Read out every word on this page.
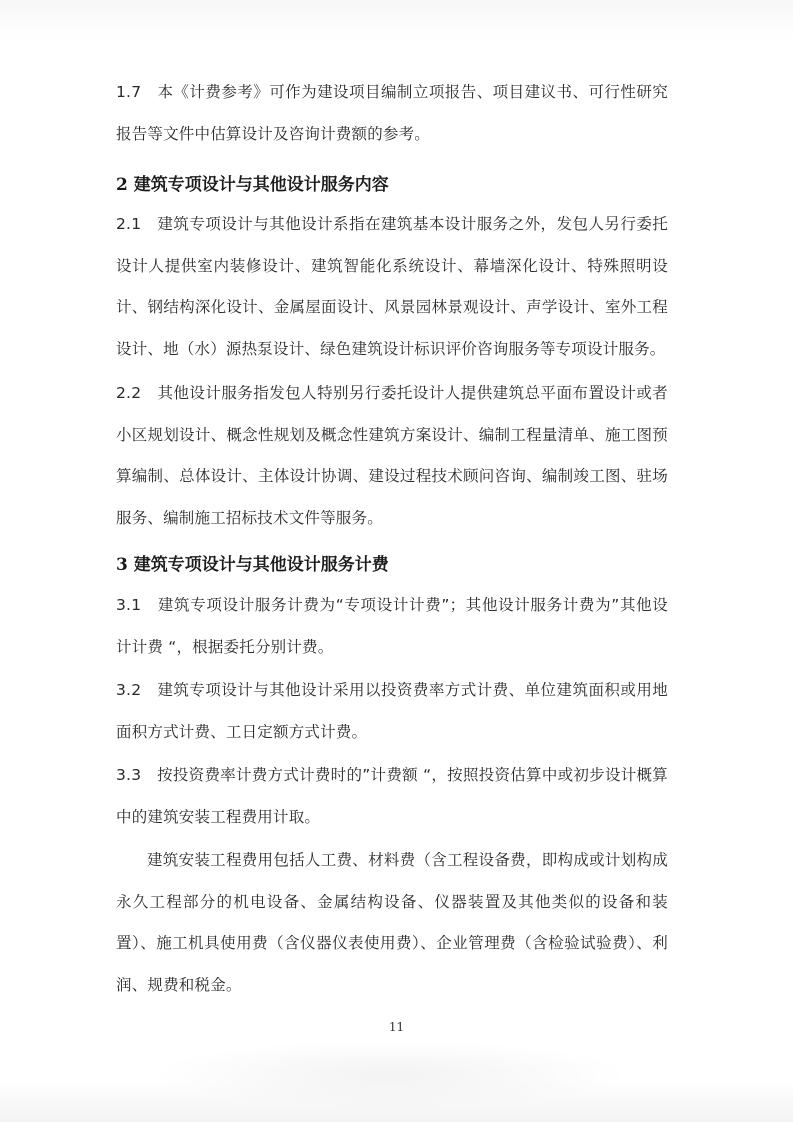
1.7　本《计费参考》可作为建设项目编制立项报告、项目建议书、可行性研究报告等文件中估算设计及咨询计费额的参考。

2 建筑专项设计与其他设计服务内容

2.1　建筑专项设计与其他设计系指在建筑基本设计服务之外，发包人另行委托设计人提供室内装修设计、建筑智能化系统设计、幕墙深化设计、特殊照明设计、钢结构深化设计、金属屋面设计、风景园林景观设计、声学设计、室外工程设计、地（水）源热泵设计、绿色建筑设计标识评价咨询服务等专项设计服务。

2.2　其他设计服务指发包人特别另行委托设计人提供建筑总平面布置设计或者小区规划设计、概念性规划及概念性建筑方案设计、编制工程量清单、施工图预算编制、总体设计、主体设计协调、建设过程技术顾问咨询、编制竣工图、驻场服务、编制施工招标技术文件等服务。

3 建筑专项设计与其他设计服务计费

3.1　建筑专项设计服务计费为“专项设计计费”；其他设计服务计费为”其他设计计费 “，根据委托分别计费。

3.2　建筑专项设计与其他设计采用以投资费率方式计费、单位建筑面积或用地面积方式计费、工日定额方式计费。

3.3　按投资费率计费方式计费时的”计费额 “，按照投资估算中或初步设计概算中的建筑安装工程费用计取。

建筑安装工程费用包括人工费、材料费（含工程设备费，即构成或计划构成永久工程部分的机电设备、金属结构设备、仪器装置及其他类似的设备和装置）、施工机具使用费（含仪器仪表使用费）、企业管理费（含检验试验费）、利润、规费和税金。

11
